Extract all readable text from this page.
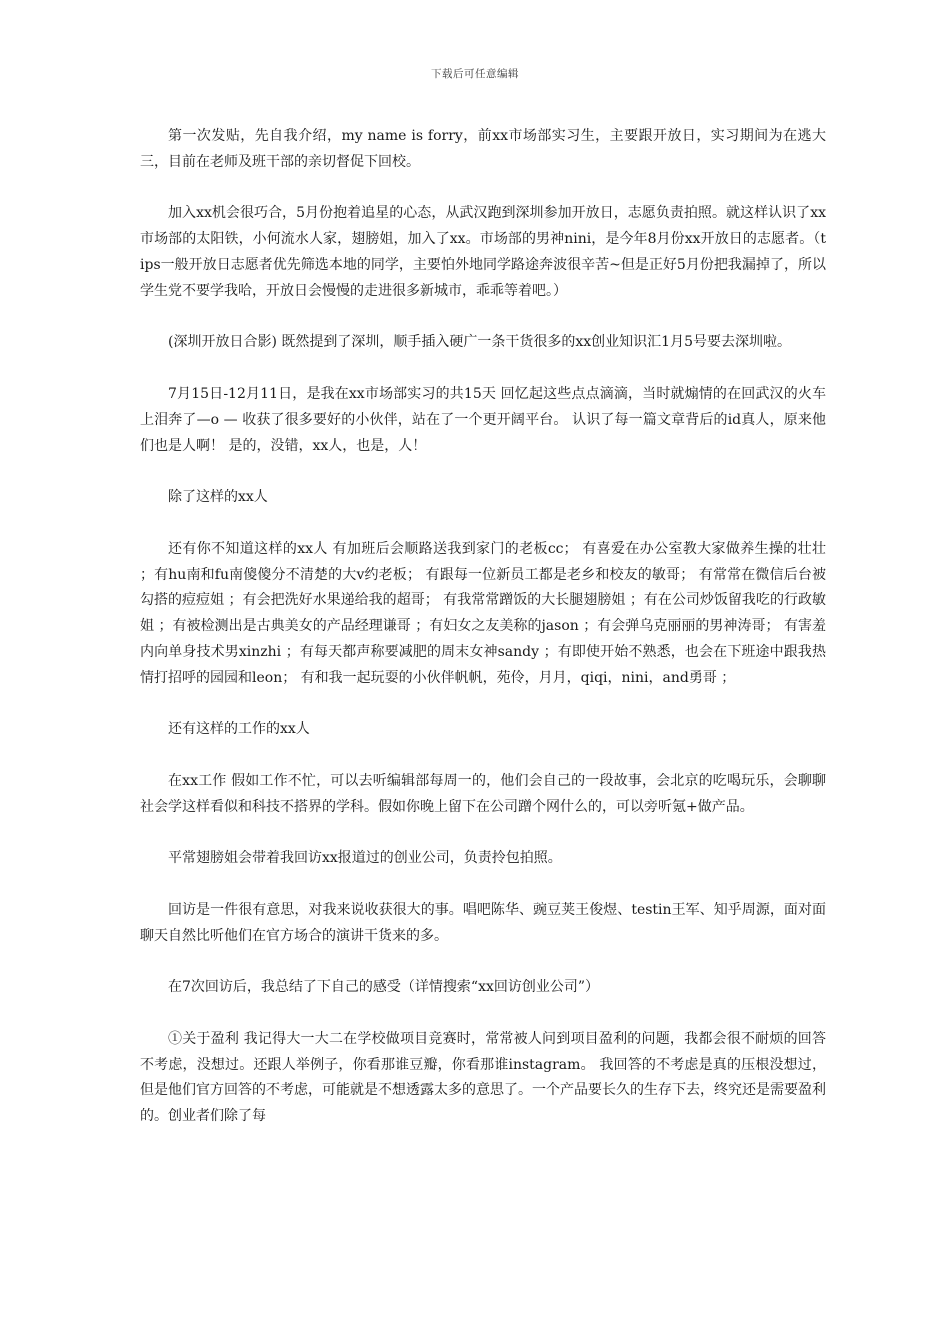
下载后可任意编辑

第一次发贴，先自我介绍，my name is forry，前xx市场部实习生，主要跟开放日，实习期间为在逃大三，目前在老师及班干部的亲切督促下回校。

加入xx机会很巧合，5月份抱着追星的心态，从武汉跑到深圳参加开放日，志愿负责拍照。就这样认识了xx市场部的太阳铁，小何流水人家，翅膀姐，加入了xx。市场部的男神nini，是今年8月份xx开放日的志愿者。（tips一般开放日志愿者优先筛选本地的同学，主要怕外地同学路途奔波很辛苦~但是正好5月份把我漏掉了，所以学生党不要学我哈，开放日会慢慢的走进很多新城市，乖乖等着吧。）

(深圳开放日合影) 既然提到了深圳，顺手插入硬广一条干货很多的xx创业知识汇1月5号要去深圳啦。

7月15日-12月11日，是我在xx市场部实习的共15天 回忆起这些点点滴滴，当时就煽情的在回武汉的火车上泪奔了—o — 收获了很多要好的小伙伴，站在了一个更开阔平台。 认识了每一篇文章背后的id真人，原来他们也是人啊！ 是的，没错，xx人，也是，人！

除了这样的xx人

还有你不知道这样的xx人 有加班后会顺路送我到家门的老板cc； 有喜爱在办公室教大家做养生操的壮壮 ；有hu南和fu南傻傻分不清楚的大v约老板； 有跟每一位新员工都是老乡和校友的敏哥； 有常常在微信后台被勾搭的痘痘姐 ；有会把洗好水果递给我的超哥； 有我常常蹭饭的大长腿翅膀姐 ；有在公司炒饭留我吃的行政敏姐 ；有被检测出是古典美女的产品经理谦哥 ；有妇女之友美称的jason ；有会弹乌克丽丽的男神涛哥； 有害羞内向单身技术男xinzhi ；有每天都声称要减肥的周末女神sandy ；有即使开始不熟悉，也会在下班途中跟我热情打招呼的园园和leon； 有和我一起玩耍的小伙伴帆帆，苑伶，月月，qiqi，nini，and勇哥 ；

还有这样的工作的xx人

在xx工作 假如工作不忙，可以去听编辑部每周一的，他们会自己的一段故事，会北京的吃喝玩乐，会聊聊社会学这样看似和科技不搭界的学科。假如你晚上留下在公司蹭个网什么的，可以旁听氪+做产品。

平常翅膀姐会带着我回访xx报道过的创业公司，负责拎包拍照。

回访是一件很有意思，对我来说收获很大的事。唱吧陈华、豌豆荚王俊煜、testin王军、知乎周源，面对面聊天自然比听他们在官方场合的演讲干货来的多。

在7次回访后，我总结了下自己的感受（详情搜索“xx回访创业公司”）

①关于盈利 我记得大一大二在学校做项目竞赛时，常常被人问到项目盈利的问题，我都会很不耐烦的回答不考虑，没想过。还跟人举例子，你看那谁豆瓣，你看那谁instagram。 我回答的不考虑是真的压根没想过，但是他们官方回答的不考虑，可能就是不想透露太多的意思了。一个产品要长久的生存下去，终究还是需要盈利的。创业者们除了每
